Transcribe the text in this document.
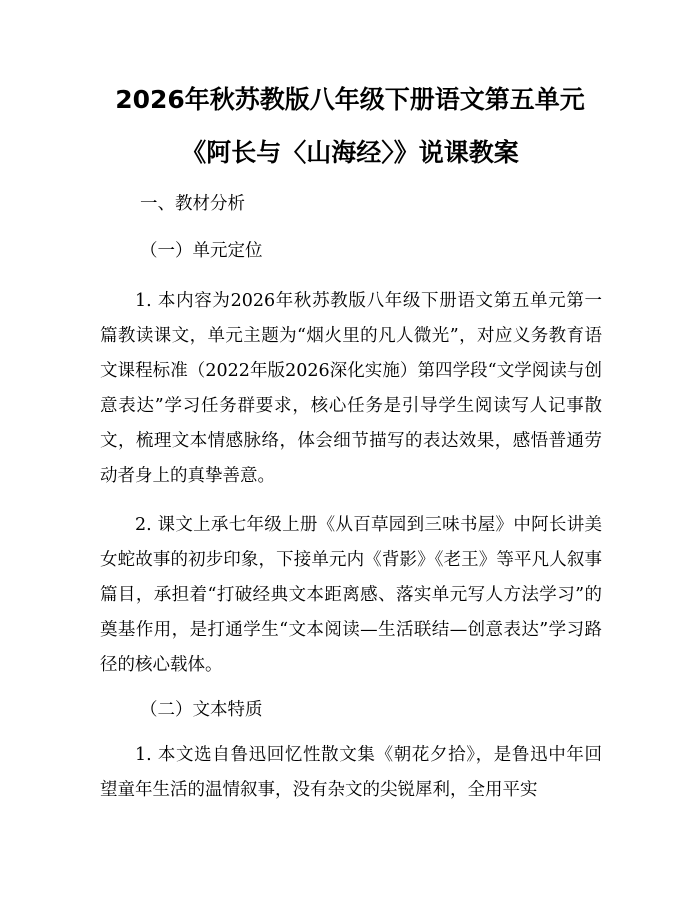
2026年秋苏教版八年级下册语文第五单元
《阿长与〈山海经〉》说课教案
一、教材分析
（一）单元定位

1. 本内容为2026年秋苏教版八年级下册语文第五单元第一篇教读课文，单元主题为“烟火里的凡人微光”，对应义务教育语文课程标准（2022年版2026深化实施）第四学段“文学阅读与创意表达”学习任务群要求，核心任务是引导学生阅读写人记事散文，梳理文本情感脉络，体会细节描写的表达效果，感悟普通劳动者身上的真挚善意。

2. 课文上承七年级上册《从百草园到三味书屋》中阿长讲美女蛇故事的初步印象，下接单元内《背影》《老王》等平凡人叙事篇目，承担着“打破经典文本距离感、落实单元写人方法学习”的奠基作用，是打通学生“文本阅读—生活联结—创意表达”学习路径的核心载体。

（二）文本特质

1. 本文选自鲁迅回忆性散文集《朝花夕拾》，是鲁迅中年回望童年生活的温情叙事，没有杂文的尖锐犀利，全用平实
